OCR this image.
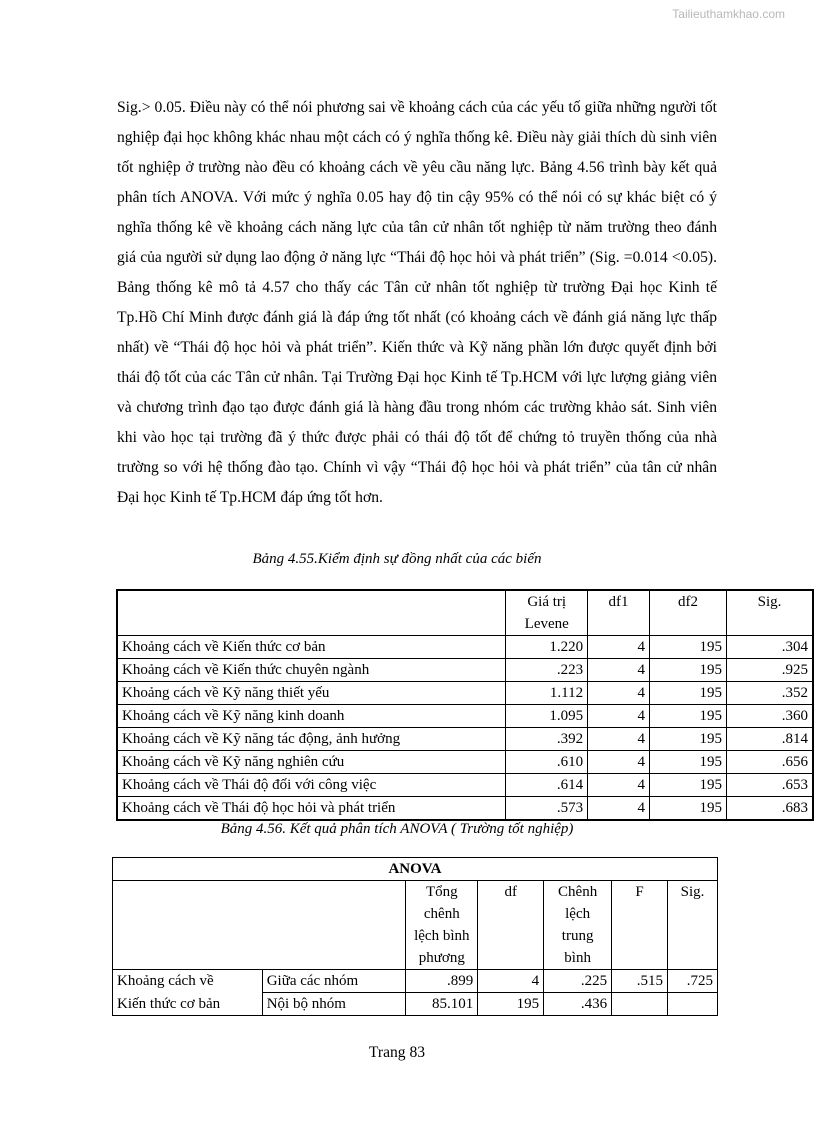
Tailieuthamkhao.com

Sig.> 0.05. Điều này có thể nói phương sai về khoảng cách của các yếu tố giữa những người tốt nghiệp đại học không khác nhau một cách có ý nghĩa thống kê. Điều này giải thích dù sinh viên tốt nghiệp ở trường nào đều có khoảng cách về yêu cầu năng lực. Bảng 4.56 trình bày kết quả phân tích ANOVA. Với mức ý nghĩa 0.05 hay độ tin cậy 95% có thể nói có sự khác biệt có ý nghĩa thống kê về khoảng cách năng lực của tân cử nhân tốt nghiệp từ năm trường theo đánh giá của người sử dụng lao động ở năng lực “Thái độ học hỏi và phát triển” (Sig. =0.014 <0.05). Bảng thống kê mô tả 4.57 cho thấy các Tân cử nhân tốt nghiệp từ trường Đại học Kinh tế Tp.Hồ Chí Minh được đánh giá là đáp ứng tốt nhất (có khoảng cách về đánh giá năng lực thấp nhất) về “Thái độ học hỏi và phát triển”. Kiến thức và Kỹ năng phần lớn được quyết định bởi thái độ tốt của các Tân cử nhân. Tại Trường Đại học Kinh tế Tp.HCM với lực lượng giảng viên và chương trình đạo tạo được đánh giá là hàng đầu trong nhóm các trường khảo sát. Sinh viên khi vào học tại trường đã ý thức được phải có thái độ tốt để chứng tỏ truyền thống của nhà trường so với hệ thống đào tạo. Chính vì vậy “Thái độ học hỏi và phát triển” của tân cử nhân Đại học Kinh tế Tp.HCM đáp ứng tốt hơn.

Bảng 4.55.Kiểm định sự đồng nhất của các biến

	Giá trị Levene	df1	df2	Sig.
Khoảng cách về Kiến thức cơ bản	1.220	4	195	.304
Khoảng cách về Kiến thức chuyên ngành	.223	4	195	.925
Khoảng cách về Kỹ năng thiết yếu	1.112	4	195	.352
Khoảng cách về Kỹ năng kinh doanh	1.095	4	195	.360
Khoảng cách về Kỹ năng tác động, ảnh hưởng	.392	4	195	.814
Khoảng cách về Kỹ năng nghiên cứu	.610	4	195	.656
Khoảng cách về Thái độ đối với công việc	.614	4	195	.653
Khoảng cách về Thái độ học hỏi và phát triển	.573	4	195	.683

Bảng 4.56. Kết quả phân tích ANOVA ( Trường tốt nghiệp)

ANOVA						
		Tổng chênh lệch bình phương	df	Chênh lệch trung bình	F	Sig.
Khoảng cách về	Giữa các nhóm	.899	4	.225	.515	.725
Kiến thức cơ bản	Nội bộ nhóm	85.101	195	.436		

Trang 83
